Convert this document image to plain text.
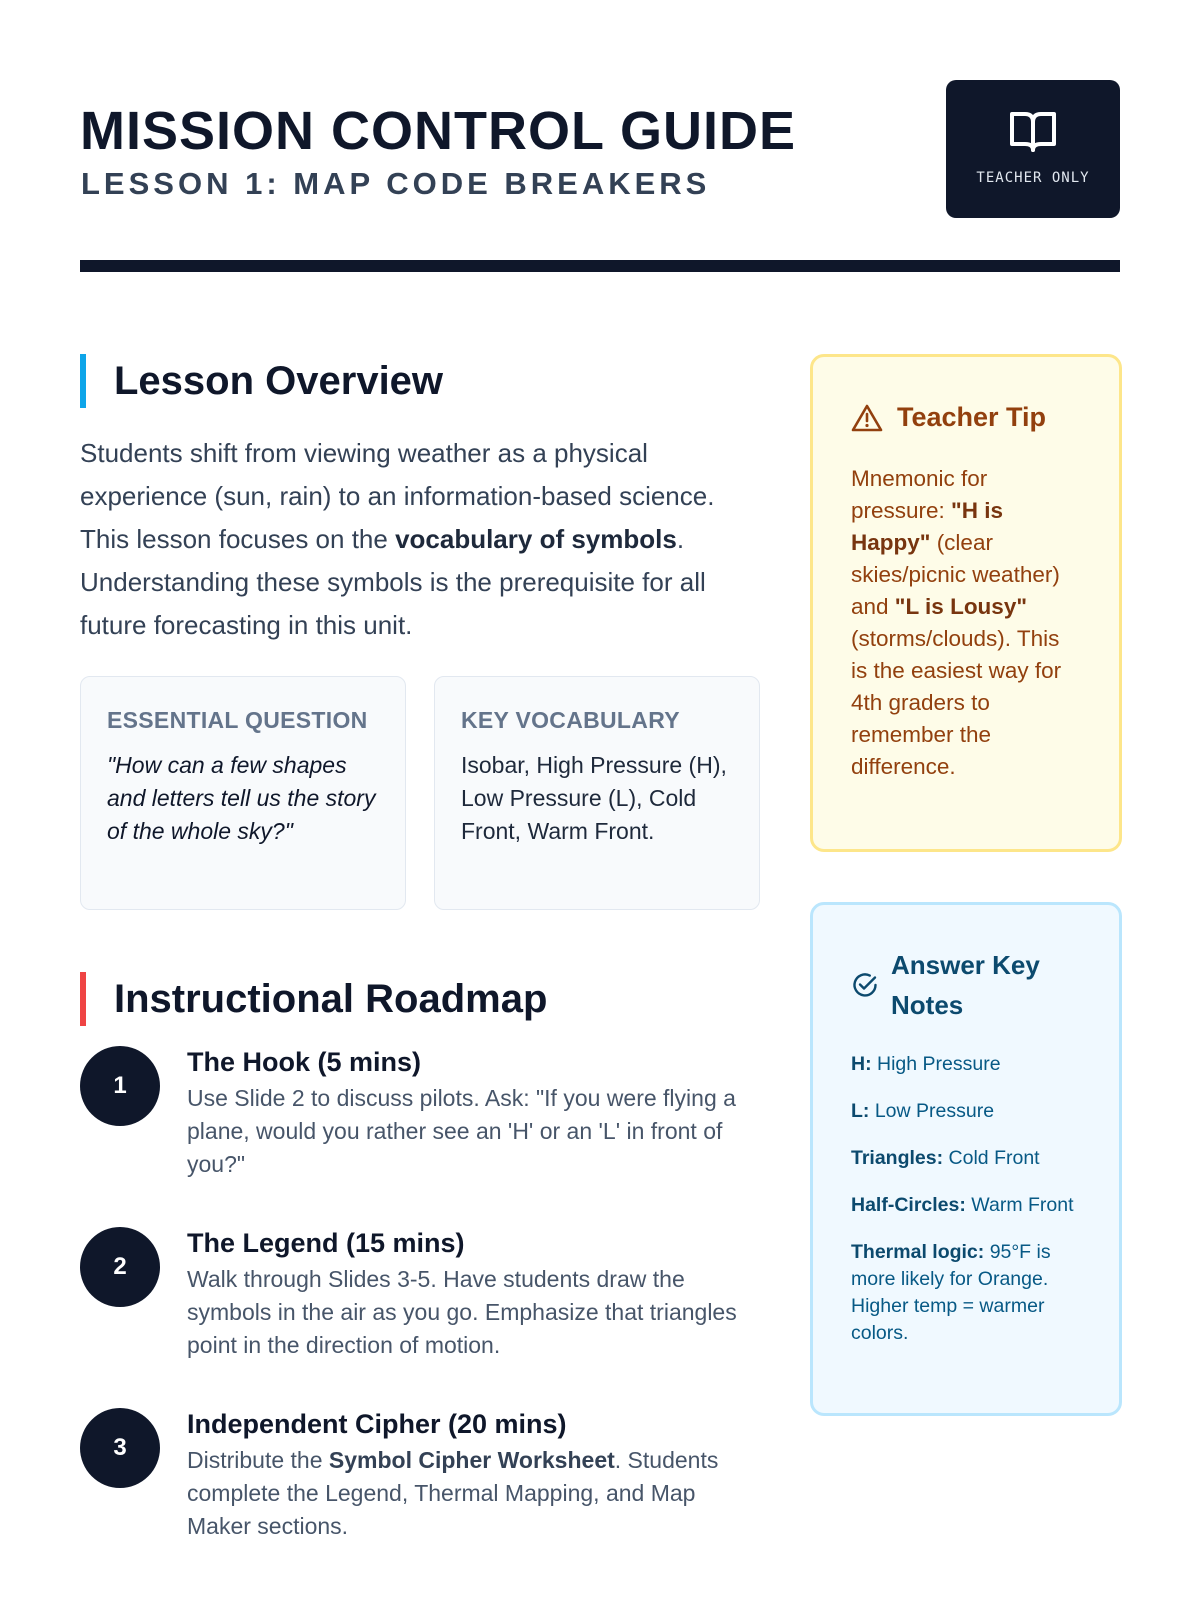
MISSION CONTROL GUIDE
LESSON 1: MAP CODE BREAKERS	TEACHER ONLY
Lesson Overview
Students shift from viewing weather as a physical experience (sun, rain) to an information-based science. This lesson focuses on the vocabulary of symbols. Understanding these symbols is the prerequisite for all future forecasting in this unit.
ESSENTIAL QUESTION
"How can a few shapes and letters tell us the story of the whole sky?"
KEY VOCABULARY
Isobar, High Pressure (H), Low Pressure (L), Cold Front, Warm Front.
Instructional Roadmap
1
The Hook (5 mins)
Use Slide 2 to discuss pilots. Ask: "If you were flying a plane, would you rather see an 'H' or an 'L' in front of you?"
2
The Legend (15 mins)
Walk through Slides 3-5. Have students draw the symbols in the air as you go. Emphasize that triangles point in the direction of motion.
3
Independent Cipher (20 mins)
Distribute the Symbol Cipher Worksheet. Students complete the Legend, Thermal Mapping, and Map Maker sections.
Teacher Tip
Mnemonic for pressure: "H is Happy" (clear skies/picnic weather) and "L is Lousy" (storms/clouds). This is the easiest way for 4th graders to remember the difference.
Answer Key Notes
H: High Pressure
L: Low Pressure
Triangles: Cold Front
Half-Circles: Warm Front
Thermal logic: 95°F is more likely for Orange. Higher temp = warmer colors.
